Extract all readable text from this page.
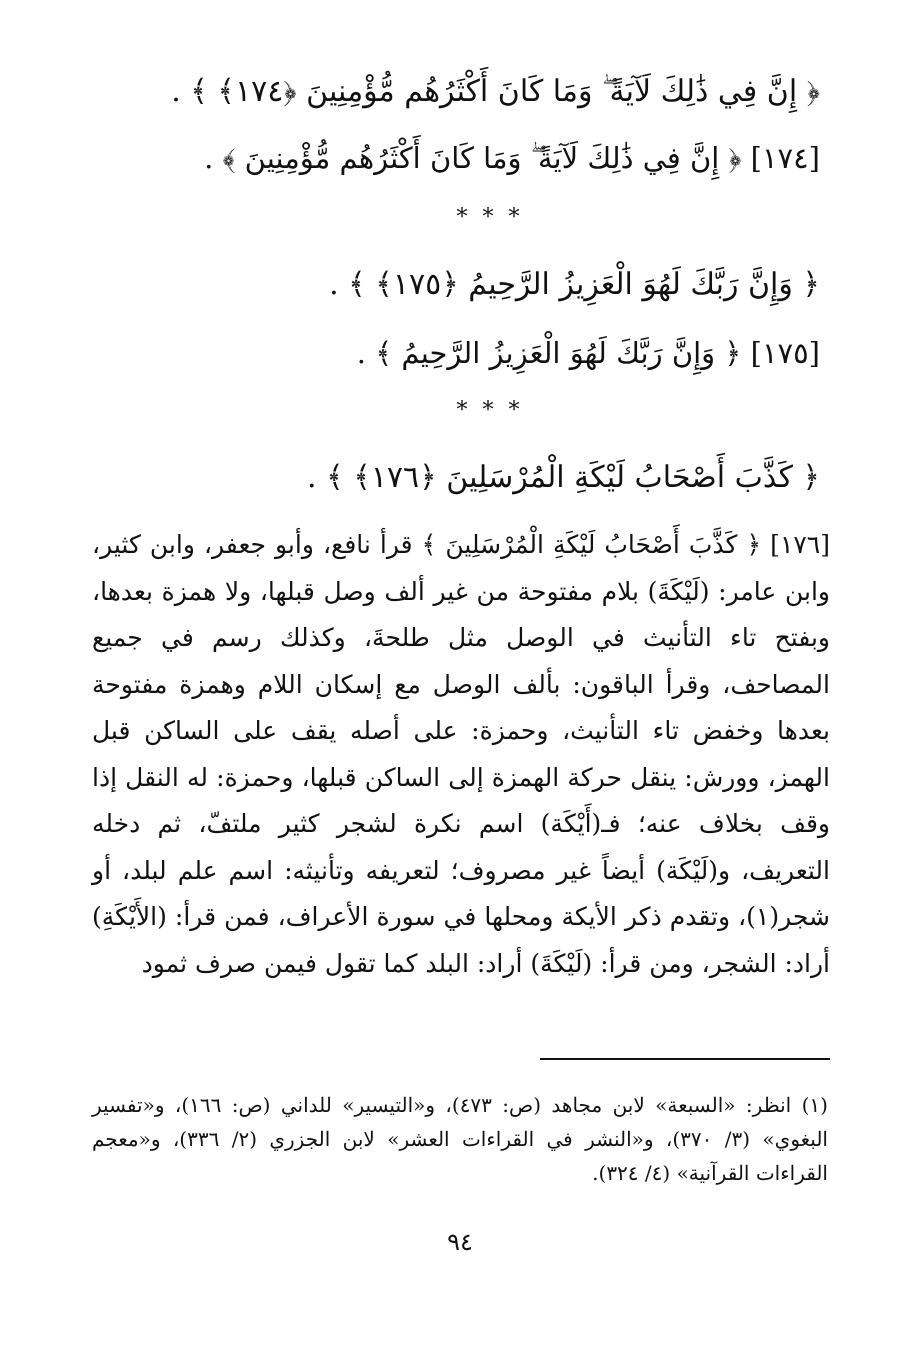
﴿ إِنَّ فِي ذَٰلِكَ لَآيَةً ۖ وَمَا كَانَ أَكْثَرُهُم مُّؤْمِنِينَ ﴿١٧٤﴾ ﴾ .
[١٧٤] ﴿ إِنَّ فِي ذَٰلِكَ لَآيَةً ۖ وَمَا كَانَ أَكْثَرُهُم مُّؤْمِنِينَ ﴾ .
* * *
﴿ وَإِنَّ رَبَّكَ لَهُوَ الْعَزِيزُ الرَّحِيمُ ﴿١٧٥﴾ ﴾ .
[١٧٥] ﴿ وَإِنَّ رَبَّكَ لَهُوَ الْعَزِيزُ الرَّحِيمُ ﴾ .
* * *
﴿ كَذَّبَ أَصْحَابُ لَيْكَةِ الْمُرْسَلِينَ ﴿١٧٦﴾ ﴾ .

[١٧٦] ﴿ كَذَّبَ أَصْحَابُ لَيْكَةِ الْمُرْسَلِينَ ﴾ قرأ نافع، وأبو جعفر، وابن كثير، وابن عامر: (لَيْكَةَ) بلام مفتوحة من غير ألف وصل قبلها، ولا همزة بعدها، وبفتح تاء التأنيث في الوصل مثل طلحةَ، وكذلك رسم في جميع المصاحف، وقرأ الباقون: بألف الوصل مع إسكان اللام وهمزة مفتوحة بعدها وخفض تاء التأنيث، وحمزة: على أصله يقف على الساكن قبل الهمز، وورش: ينقل حركة الهمزة إلى الساكن قبلها، وحمزة: له النقل إذا وقف بخلاف عنه؛ فـ(أَيْكَة) اسم نكرة لشجر كثير ملتفّ، ثم دخله التعريف، و(لَيْكَة) أيضاً غير مصروف؛ لتعريفه وتأنيثه: اسم علم لبلد، أو شجر(١)، وتقدم ذكر الأيكة ومحلها في سورة الأعراف، فمن قرأ: (الأَيْكَةِ) أراد: الشجر، ومن قرأ: (لَيْكَةَ) أراد: البلد كما تقول فيمن صرف ثمود

(١) انظر: «السبعة» لابن مجاهد (ص: ٤٧٣)، و«التيسير» للداني (ص: ١٦٦)، و«تفسير البغوي» (٣/ ٣٧٠)، و«النشر في القراءات العشر» لابن الجزري (٢/ ٣٣٦)، و«معجم القراءات القرآنية» (٤/ ٣٢٤).

٩٤
